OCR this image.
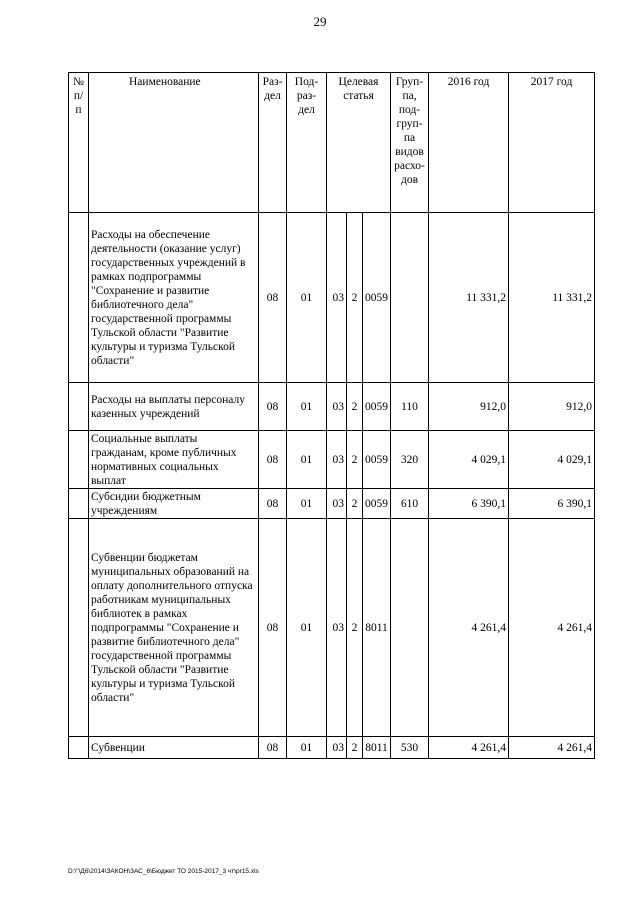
29
№ п/п	Наименование	Раз-дел	Под-раз-дел	Целевая статья			Груп-па, под-груп-па видов расхо-дов	2016 год	2017 год
	Расходы на обеспечение деятельности (оказание услуг) государственных учреждений в рамках подпрограммы "Сохранение и развитие библиотечного дела" государственной программы Тульской области "Развитие культуры и туризма Тульской области"	08	01	03	2	0059		11 331,2	11 331,2
	Расходы на выплаты персоналу казенных учреждений	08	01	03	2	0059	110	912,0	912,0
	Социальные выплаты гражданам, кроме публичных нормативных социальных выплат	08	01	03	2	0059	320	4 029,1	4 029,1
	Субсидии бюджетным учреждениям	08	01	03	2	0059	610	6 390,1	6 390,1
	Субвенции бюджетам муниципальных образований на оплату дополнительного отпуска работникам муниципальных библиотек в рамках подпрограммы "Сохранение и развитие библиотечного дела" государственной программы Тульской области "Развитие культуры и туризма Тульской области"	08	01	03	2	8011		4 261,4	4 261,4
	Субвенции	08	01	03	2	8011	530	4 261,4	4 261,4
D:\"\Д6\2014\ЗАКОН\ЗАС_6\Бюджет ТО 2015-2017_3 чт\pr15.xls
